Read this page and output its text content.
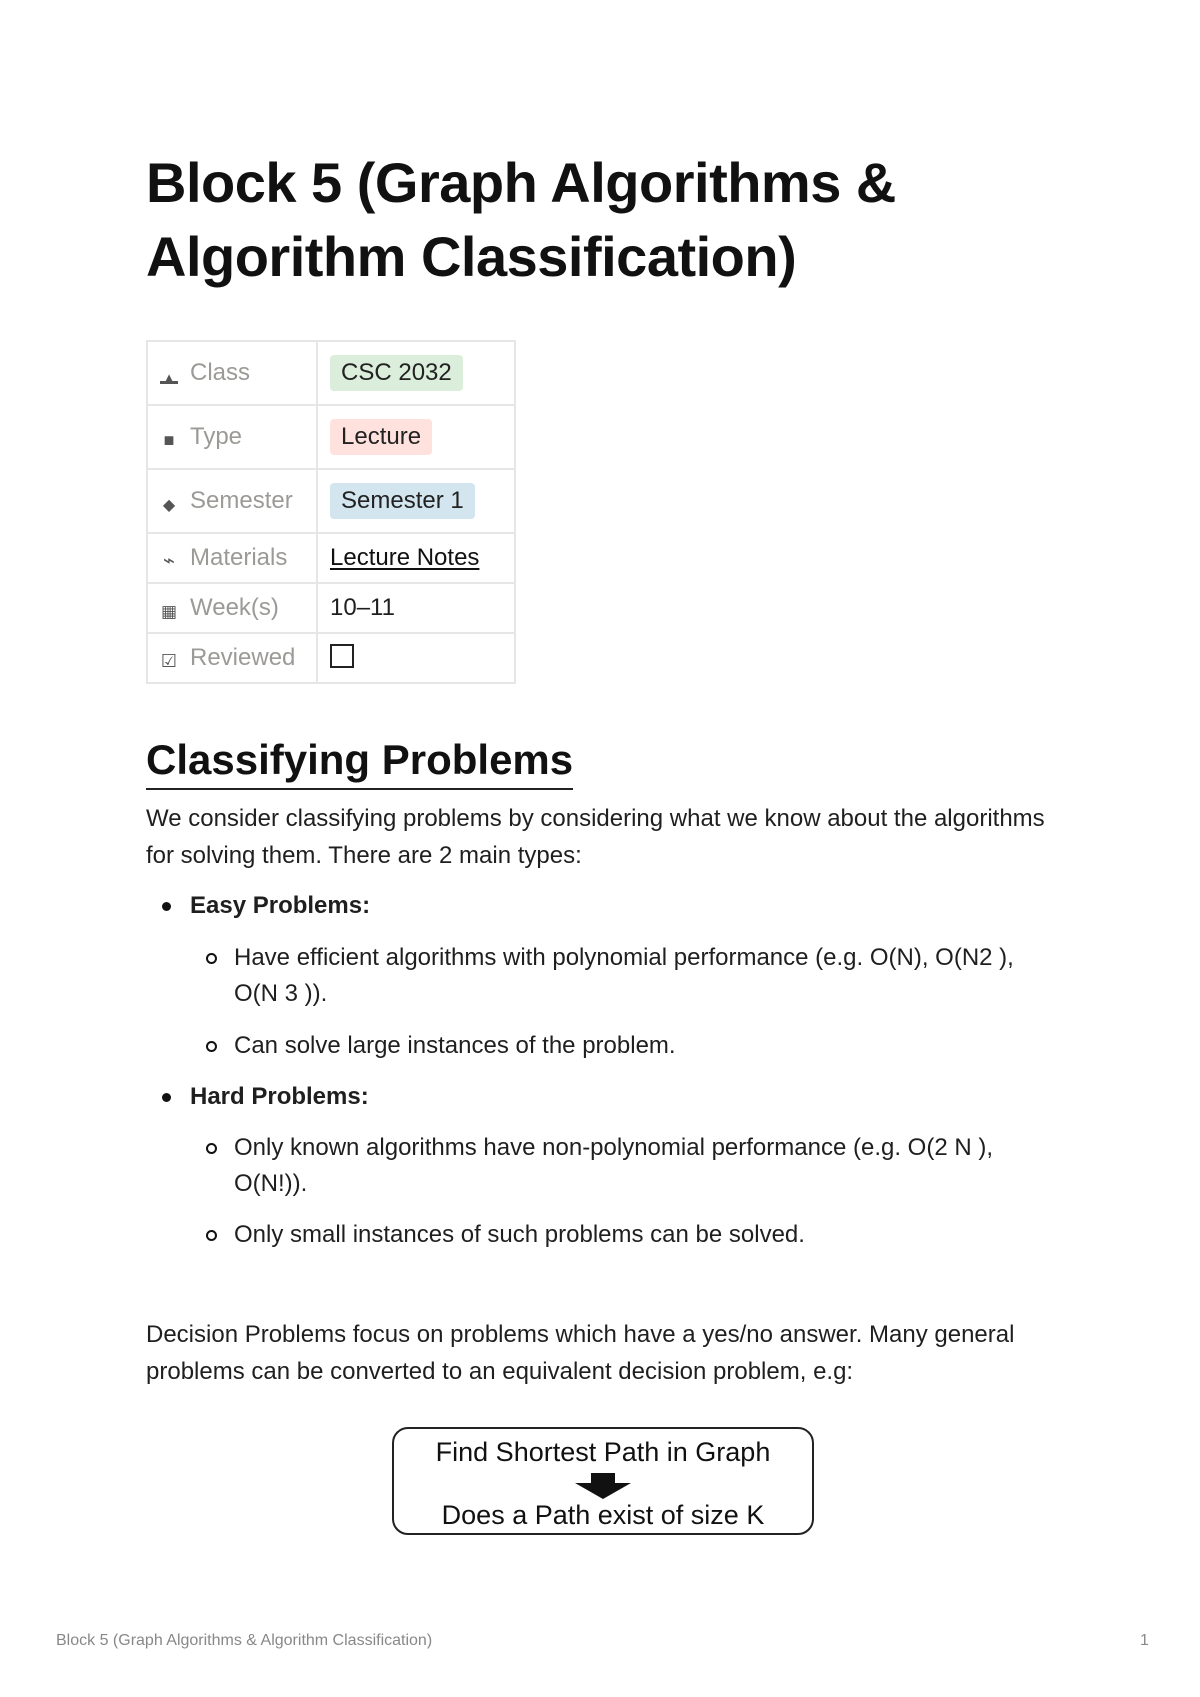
Block 5 (Graph Algorithms & Algorithm Classification)
▲Class	CSC 2032
■Type	Lecture
◆Semester	Semester 1
⌁Materials	Lecture Notes
▦Week(s)	10–11
☑Reviewed	
Classifying Problems

We consider classifying problems by considering what we know about the algorithms for solving them. There are 2 main types:

Easy Problems:
Have efficient algorithms with polynomial performance (e.g. O(N), O(N2 ), O(N 3 )).
Can solve large instances of the problem.
Hard Problems:
Only known algorithms have non-polynomial performance (e.g. O(2 N ), O(N!)).
Only small instances of such problems can be solved.

Decision Problems focus on problems which have a yes/no answer. Many general problems can be converted to an equivalent decision problem, e.g:

Find Shortest Path in Graph
Does a Path exist of size K
Block 5 (Graph Algorithms & Algorithm Classification)	1
